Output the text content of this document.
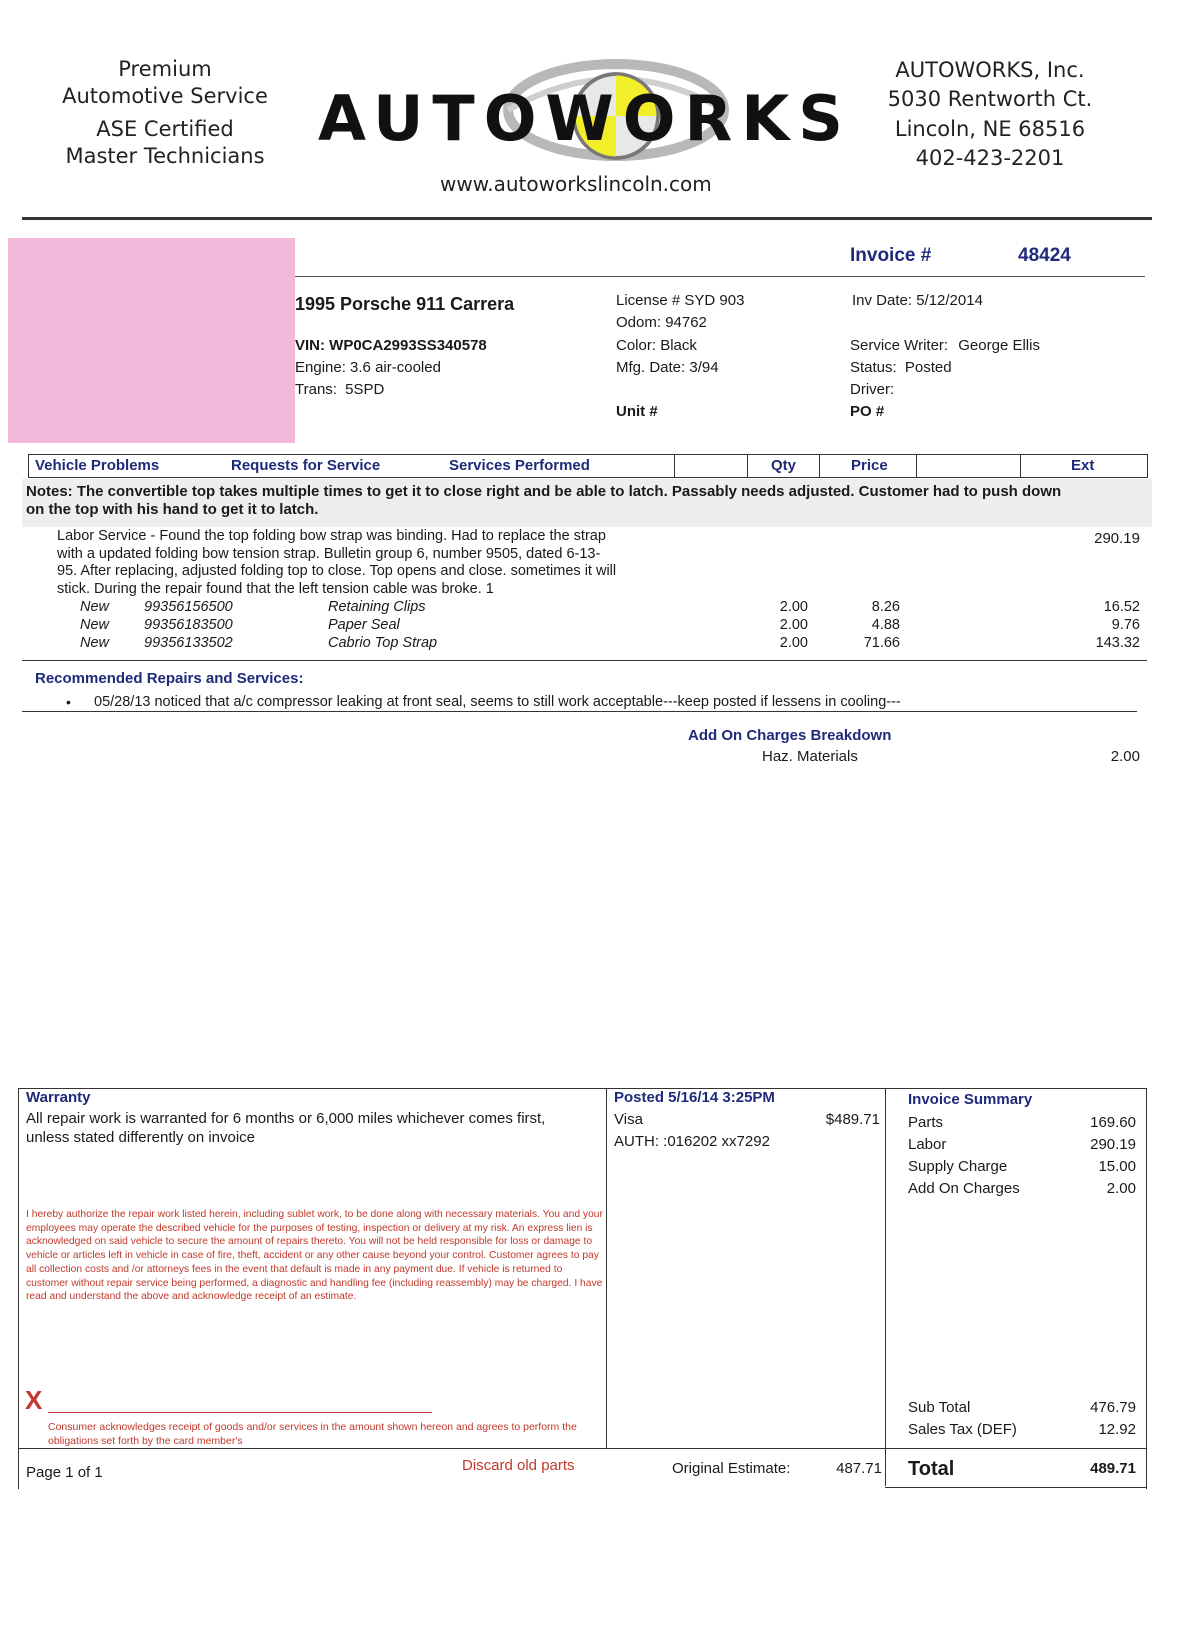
Premium
Automotive Service
ASE Certified
Master Technicians
AUTOWORKS
www.autoworkslincoln.com
AUTOWORKS, Inc.
5030 Rentworth Ct.
Lincoln, NE 68516
402-423-2201
Invoice #	48424
1995 Porsche 911 Carrera
VIN: WP0CA2993SS340578
Engine: 3.6 air-cooled
Trans: 5SPD
License # SYD 903
Odom: 94762
Color: Black
Mfg. Date: 3/94
Unit #
Inv Date: 5/12/2014
Service Writer: George Ellis
Status: Posted
Driver:
PO #
Vehicle Problems	Requests for Service	Services Performed	Qty	Price	Ext
Notes: The convertible top takes multiple times to get it to close right and be able to latch. Passably needs adjusted. Customer had to push down
on the top with his hand to get it to latch.
Labor Service - Found the top folding bow strap was binding. Had to replace the strap
with a updated folding bow tension strap. Bulletin group 6, number 9505, dated 6-13-
95. After replacing, adjusted folding top to close. Top opens and close. sometimes it will
stick. During the repair found that the left tension cable was broke. 1
290.19
New 99356156500	Retaining Clips	2.00	8.26	16.52
New 99356183500	Paper Seal	2.00	4.88	9.76
New 99356133502	Cabrio Top Strap	2.00	71.66	143.32
Recommended Repairs and Services:
• 05/28/13 noticed that a/c compressor leaking at front seal, seems to still work acceptable---keep posted if lessens in cooling---
Add On Charges Breakdown
Haz. Materials	2.00
Warranty
All repair work is warranted for 6 months or 6,000 miles whichever comes first,
unless stated differently on invoice
I hereby authorize the repair work listed herein, including sublet work, to be done along with necessary materials. You and your employees may operate the described vehicle for the purposes of testing, inspection or delivery at my risk. An express lien is acknowledged on said vehicle to secure the amount of repairs thereto. You will not be held responsible for loss or damage to vehicle or articles left in vehicle in case of fire, theft, accident or any other cause beyond your control. Customer agrees to pay all collection costs and /or attorneys fees in the event that default is made in any payment due. If vehicle is returned to customer without repair service being performed, a diagnostic and handling fee (including reassembly) may be charged. I have read and understand the above and acknowledge receipt of an estimate.
X
Consumer acknowledges receipt of goods and/or services in the amount shown hereon and agrees to perform the obligations set forth by the card member's
Posted 5/16/14 3:25PM
Visa	$489.71
AUTH: :016202 xx7292
Invoice Summary
Parts	169.60
Labor	290.19
Supply Charge	15.00
Add On Charges	2.00
Sub Total	476.79
Sales Tax (DEF)	12.92
Total	489.71
Page 1 of 1	Discard old parts	Original Estimate:	487.71
